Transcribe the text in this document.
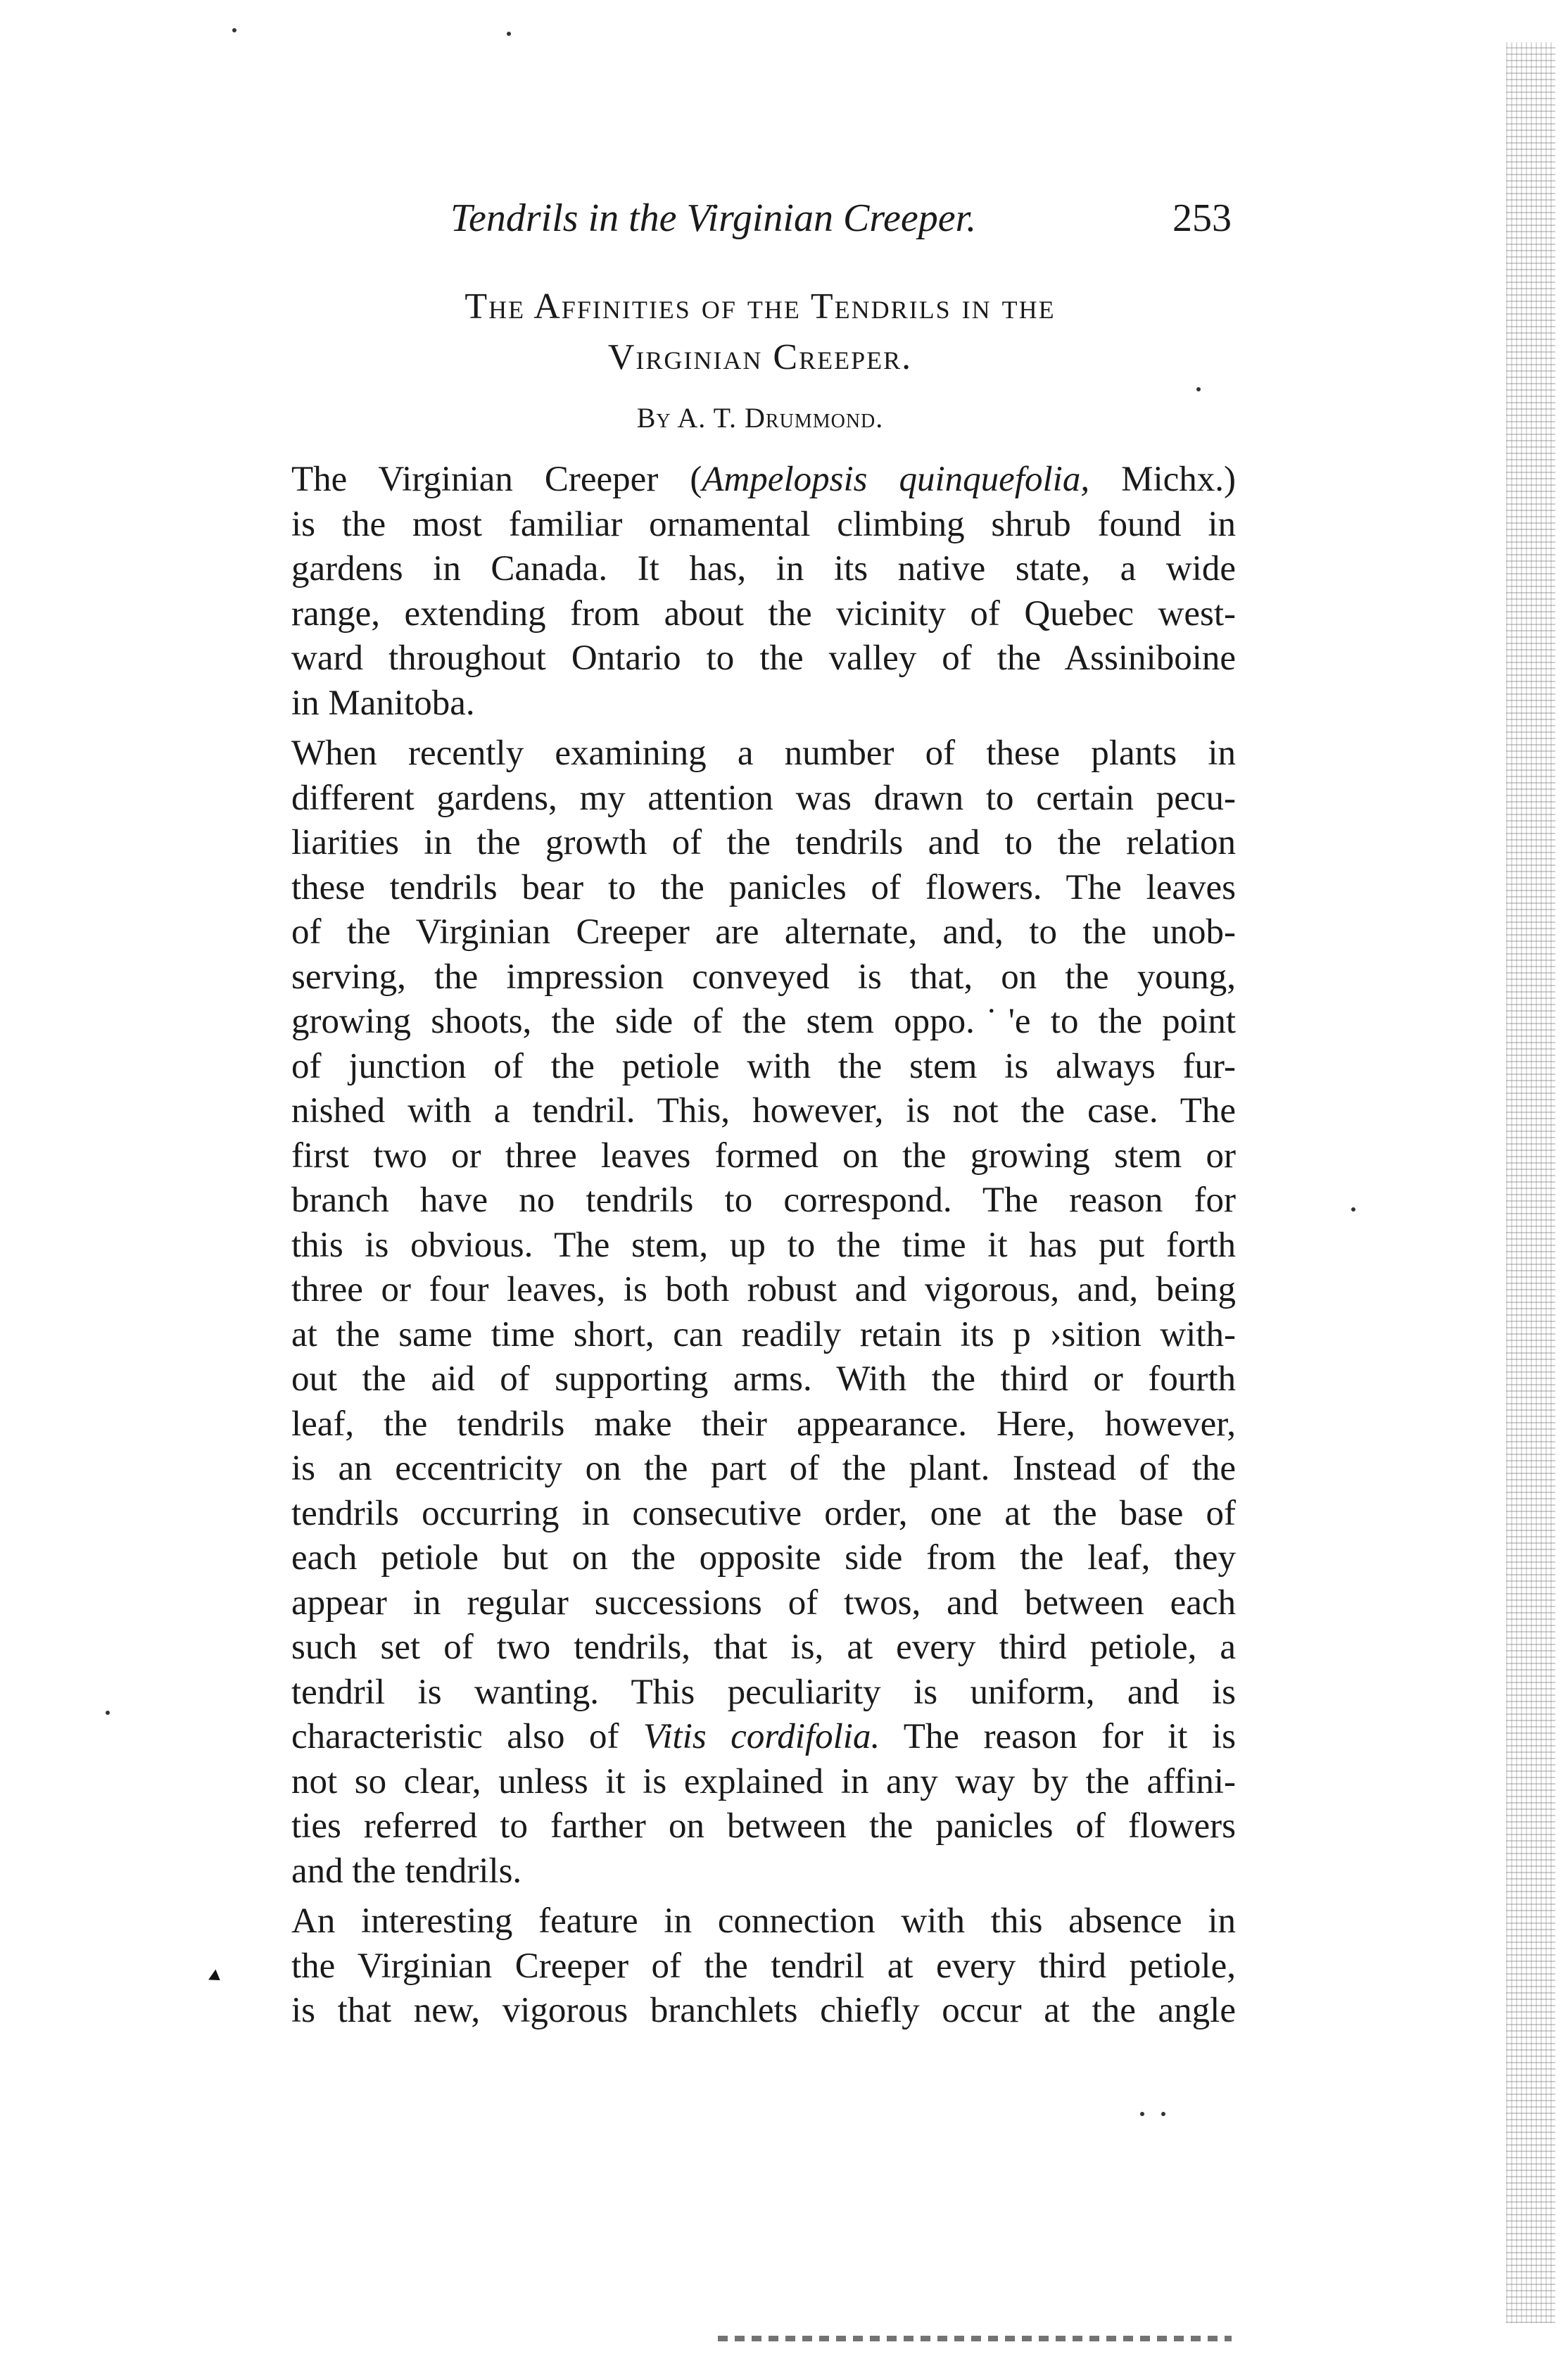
Tendrils in the Virginian Creeper.	253
The Affinities of the Tendrils in the
Virginian Creeper.
By A. T. Drummond.
The Virginian Creeper (Ampelopsis quinquefolia, Michx.)
is the most familiar ornamental climbing shrub found in
gardens in Canada. It has, in its native state, a wide
range, extending from about the vicinity of Quebec west-
ward throughout Ontario to the valley of the Assiniboine
in Manitoba.
When recently examining a number of these plants in
different gardens, my attention was drawn to certain pecu-
liarities in the growth of the tendrils and to the relation
these tendrils bear to the panicles of flowers. The leaves
of the Virginian Creeper are alternate, and, to the unob-
serving, the impression conveyed is that, on the young,
growing shoots, the side of the stem oppo.˙'e to the point
of junction of the petiole with the stem is always fur-
nished with a tendril. This, however, is not the case. The
first two or three leaves formed on the growing stem or
branch have no tendrils to correspond. The reason for
this is obvious. The stem, up to the time it has put forth
three or four leaves, is both robust and vigorous, and, being
at the same time short, can readily retain its p ›sition with-
out the aid of supporting arms. With the third or fourth
leaf, the tendrils make their appearance. Here, however,
is an eccentricity on the part of the plant. Instead of the
tendrils occurring in consecutive order, one at the base of
each petiole but on the opposite side from the leaf, they
appear in regular successions of twos, and between each
such set of two tendrils, that is, at every third petiole, a
tendril is wanting. This peculiarity is uniform, and is
characteristic also of Vitis cordifolia. The reason for it is
not so clear, unless it is explained in any way by the affini-
ties referred to farther on between the panicles of flowers
and the tendrils.
An interesting feature in connection with this absence in
the Virginian Creeper of the tendril at every third petiole,
is that new, vigorous branchlets chiefly occur at the angle
